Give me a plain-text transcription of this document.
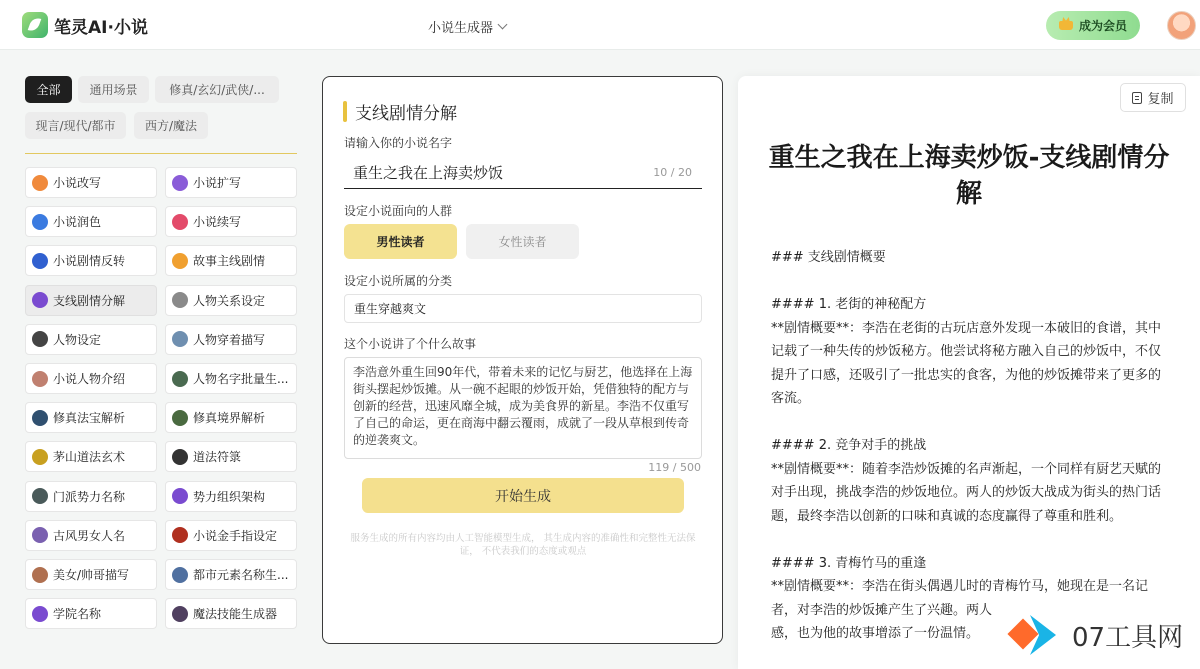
笔灵AI·小说	小说生成器	成为会员
全部	通用场景	修真/玄幻/武侠/...
现言/现代/都市	西方/魔法
小说改写	小说扩写
小说润色	小说续写
小说剧情反转	故事主线剧情
支线剧情分解	人物关系设定
人物设定	人物穿着描写
小说人物介绍	人物名字批量生...
修真法宝解析	修真境界解析
茅山道法玄术	道法符箓
门派势力名称	势力组织架构
古风男女人名	小说金手指设定
美女/帅哥描写	都市元素名称生...
学院名称	魔法技能生成器
支线剧情分解
请输入你的小说名字
重生之我在上海卖炒饭	10 / 20
设定小说面向的人群
男性读者	女性读者
设定小说所属的分类
重生穿越爽文
这个小说讲了个什么故事
李浩意外重生回90年代，带着未来的记忆与厨艺，他选择在上海街头摆起炒饭摊。从一碗不起眼的炒饭开始，凭借独特的配方与创新的经营，迅速风靡全城，成为美食界的新星。李浩不仅重写了自己的命运，更在商海中翻云覆雨，成就了一段从草根到传奇的逆袭爽文。
119 / 500
开始生成
服务生成的所有内容均由人工智能模型生成， 其生成内容的准确性和完整性无法保证， 不代表我们的态度或观点
复制
重生之我在上海卖炒饭-支线剧情分解

### 支线剧情概要

#### 1. 老街的神秘配方

**剧情概要**：李浩在老街的古玩店意外发现一本破旧的食谱，其中记载了一种失传的炒饭秘方。他尝试将秘方融入自己的炒饭中，不仅提升了口感，还吸引了一批忠实的食客，为他的炒饭摊带来了更多的客流。

#### 2. 竞争对手的挑战

**剧情概要**：随着李浩炒饭摊的名声渐起，一个同样有厨艺天赋的对手出现，挑战李浩的炒饭地位。两人的炒饭大战成为街头的热门话题，最终李浩以创新的口味和真诚的态度赢得了尊重和胜利。

#### 3. 青梅竹马的重逢

**剧情概要**：李浩在街头偶遇儿时的青梅竹马，她现在是一名记者，对李浩的炒饭摊产生了兴趣。两人

感，也为他的故事增添了一份温情。	07工具网
